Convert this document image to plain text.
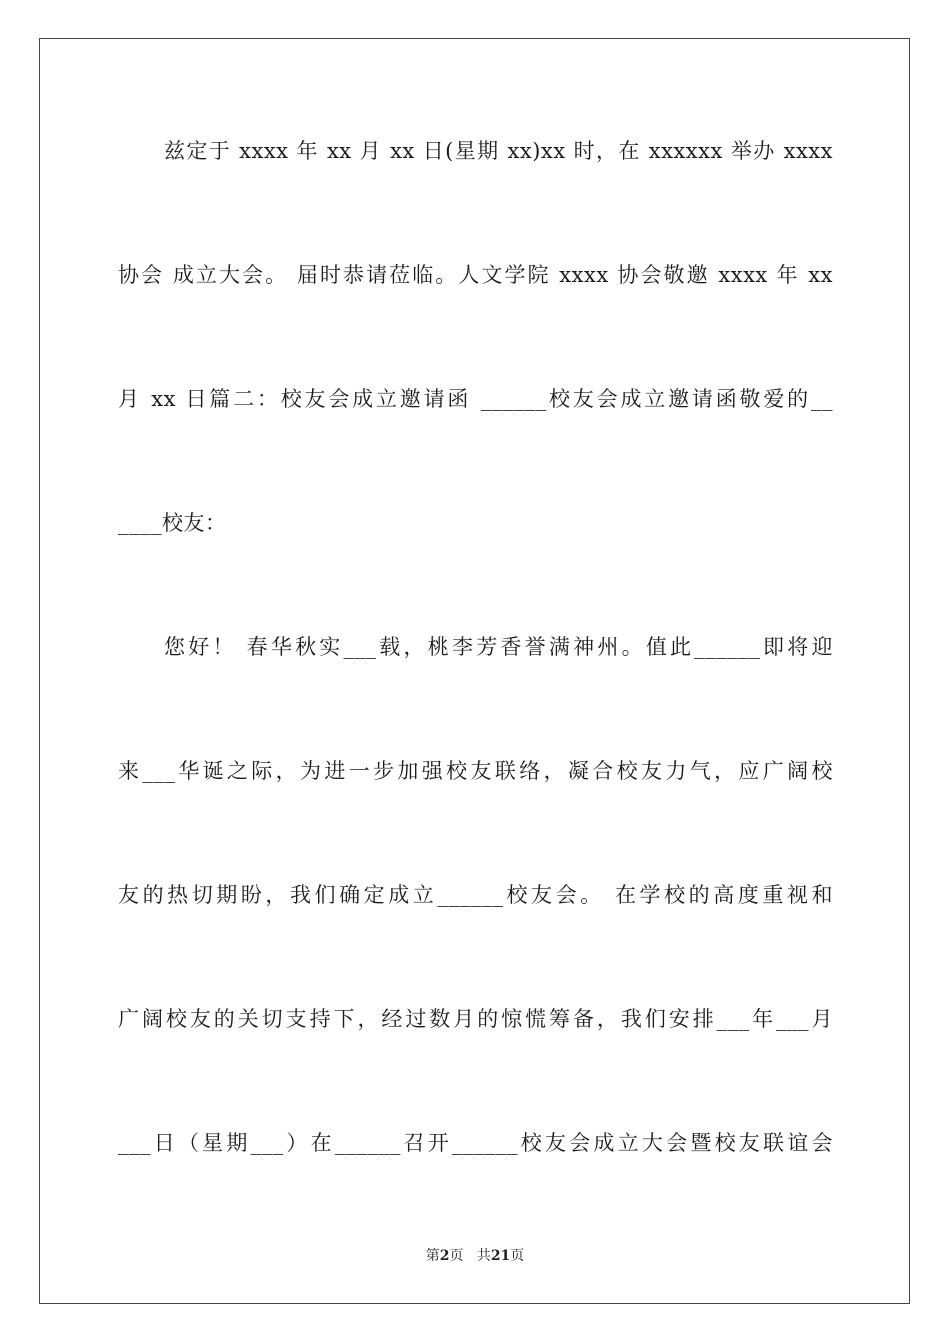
兹定于 xxxx 年 xx 月 xx 日(星期 xx)xx 时，在 xxxxxx 举办 xxxx
协会 成立大会。 届时恭请莅临。人文学院 xxxx 协会敬邀 xxxx 年 xx
月 xx 日篇二：校友会成立邀请函 ______校友会成立邀请函敬爱的__
____校友：
您好！ 春华秋实___载，桃李芳香誉满神州。值此______即将迎
来___华诞之际，为进一步加强校友联络，凝合校友力气，应广阔校
友的热切期盼，我们确定成立______校友会。 在学校的高度重视和
广阔校友的关切支持下，经过数月的惊慌筹备，我们安排___年___月
___日（星期___）在______召开______校友会成立大会暨校友联谊会
第2页 共21页
